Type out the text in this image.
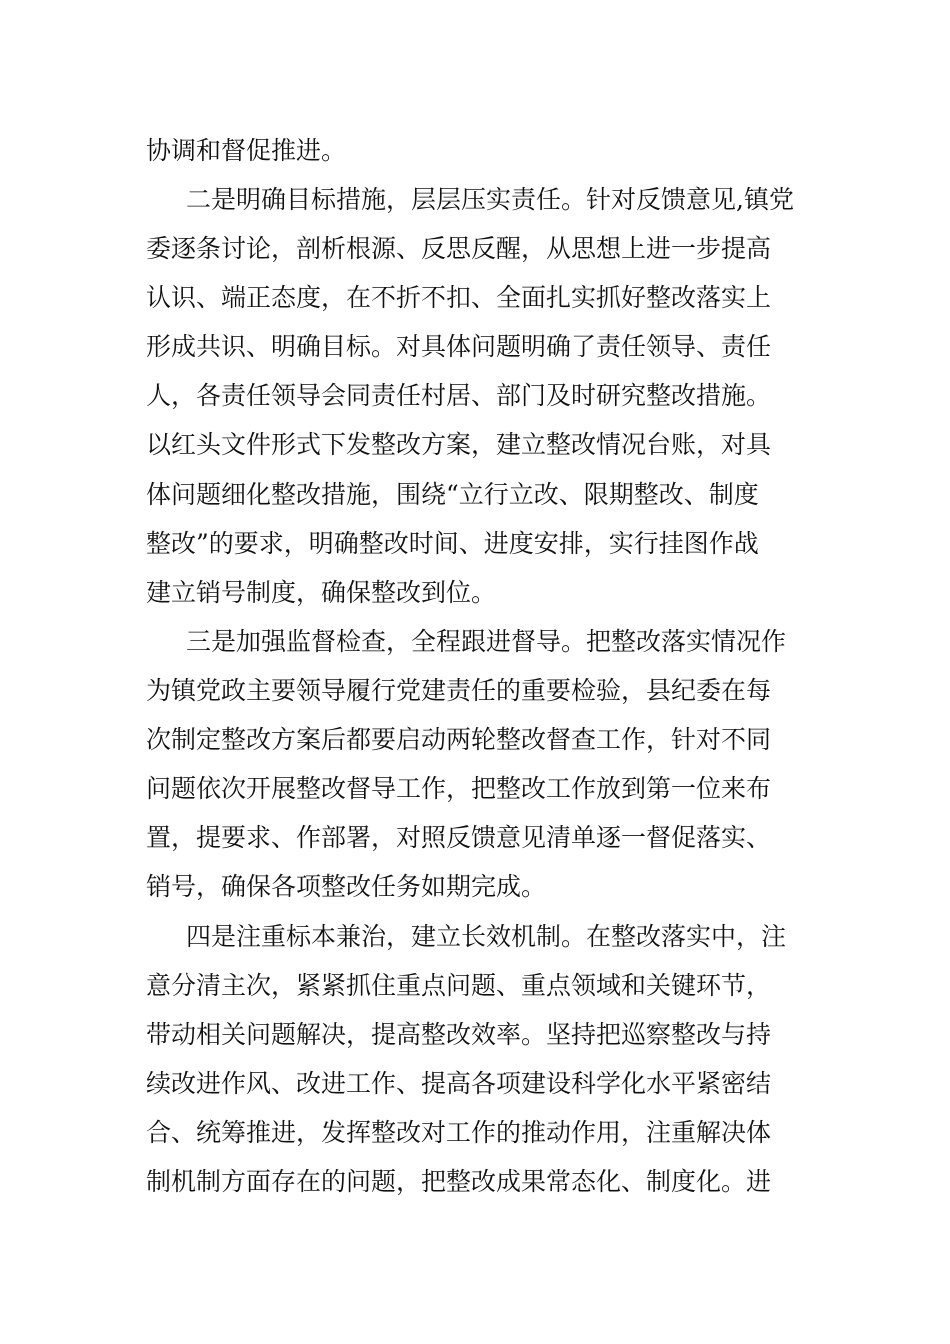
协调和督促推进。
二是明确目标措施，层层压实责任。针对反馈意见,镇党
委逐条讨论，剖析根源、反思反醒，从思想上进一步提高
认识、端正态度，在不折不扣、全面扎实抓好整改落实上
形成共识、明确目标。对具体问题明确了责任领导、责任
人，各责任领导会同责任村居、部门及时研究整改措施。
以红头文件形式下发整改方案，建立整改情况台账，对具
体问题细化整改措施，围绕“立行立改、限期整改、制度
整改”的要求，明确整改时间、进度安排，实行挂图作战
建立销号制度，确保整改到位。
三是加强监督检查，全程跟进督导。把整改落实情况作
为镇党政主要领导履行党建责任的重要检验，县纪委在每
次制定整改方案后都要启动两轮整改督查工作，针对不同
问题依次开展整改督导工作，把整改工作放到第一位来布
置，提要求、作部署，对照反馈意见清单逐一督促落实、
销号，确保各项整改任务如期完成。
四是注重标本兼治，建立长效机制。在整改落实中，注
意分清主次，紧紧抓住重点问题、重点领域和关键环节，
带动相关问题解决，提高整改效率。坚持把巡察整改与持
续改进作风、改进工作、提高各项建设科学化水平紧密结
合、统筹推进，发挥整改对工作的推动作用，注重解决体
制机制方面存在的问题，把整改成果常态化、制度化。进
